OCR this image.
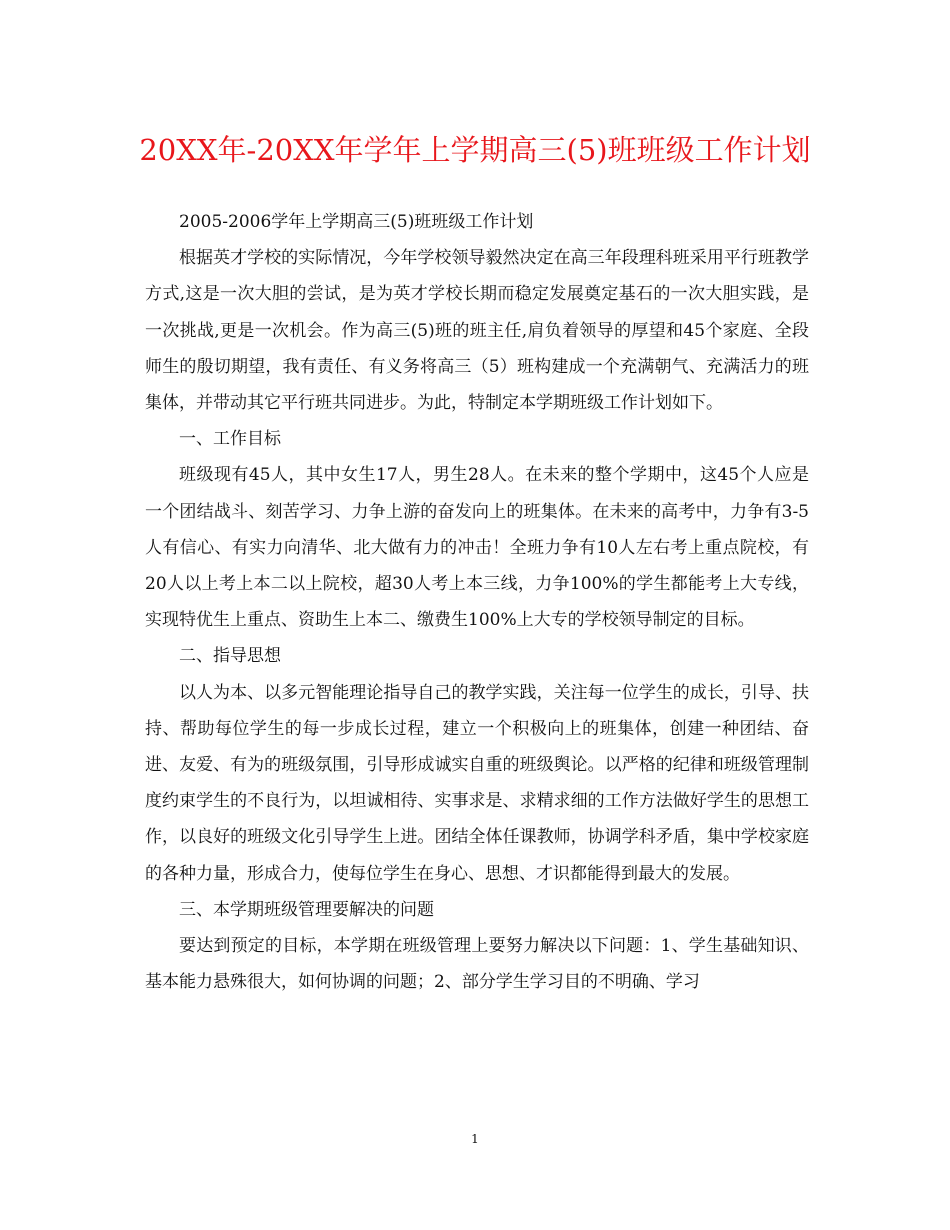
20XX年-20XX年学年上学期高三(5)班班级工作计划

2005-2006学年上学期高三(5)班班级工作计划

根据英才学校的实际情况，今年学校领导毅然决定在高三年段理科班采用平行班教学方式,这是一次大胆的尝试，是为英才学校长期而稳定发展奠定基石的一次大胆实践，是一次挑战,更是一次机会。作为高三(5)班的班主任,肩负着领导的厚望和45个家庭、全段师生的殷切期望，我有责任、有义务将高三（5）班构建成一个充满朝气、充满活力的班集体，并带动其它平行班共同进步。为此，特制定本学期班级工作计划如下。

一、工作目标

班级现有45人，其中女生17人，男生28人。在未来的整个学期中，这45个人应是一个团结战斗、刻苦学习、力争上游的奋发向上的班集体。在未来的高考中，力争有3-5人有信心、有实力向清华、北大做有力的冲击！全班力争有10人左右考上重点院校，有20人以上考上本二以上院校，超30人考上本三线，力争100%的学生都能考上大专线，实现特优生上重点、资助生上本二、缴费生100%上大专的学校领导制定的目标。

二、指导思想

以人为本、以多元智能理论指导自己的教学实践，关注每一位学生的成长，引导、扶持、帮助每位学生的每一步成长过程，建立一个积极向上的班集体，创建一种团结、奋进、友爱、有为的班级氛围，引导形成诚实自重的班级舆论。以严格的纪律和班级管理制度约束学生的不良行为，以坦诚相待、实事求是、求精求细的工作方法做好学生的思想工作，以良好的班级文化引导学生上进。团结全体任课教师，协调学科矛盾，集中学校家庭的各种力量，形成合力，使每位学生在身心、思想、才识都能得到最大的发展。

三、本学期班级管理要解决的问题

要达到预定的目标，本学期在班级管理上要努力解决以下问题：1、学生基础知识、基本能力悬殊很大，如何协调的问题；2、部分学生学习目的不明确、学习

1
